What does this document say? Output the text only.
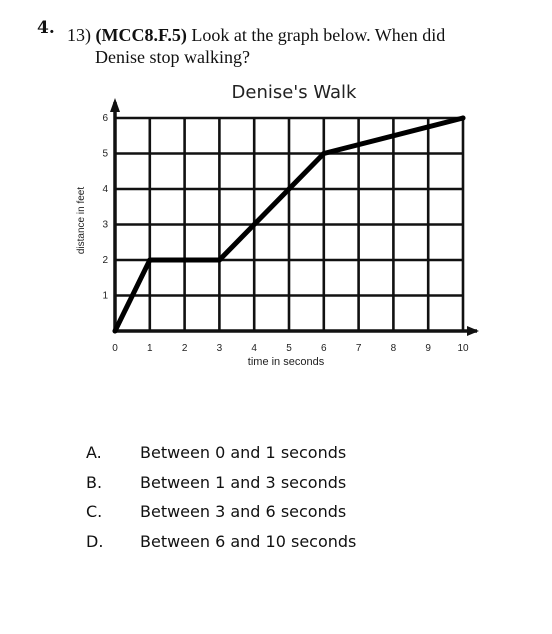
4. 13) (MCC8.F.5) Look at the graph below. When did
Denise stop walking?
0	1	2	3	4	5	6	7	8	9	10
1
2
3
4
5
6
Denise's Walk
time in seconds
distance in feet
A.	Between 0 and 1 seconds
B.	Between 1 and 3 seconds
C.	Between 3 and 6 seconds
D.	Between 6 and 10 seconds
